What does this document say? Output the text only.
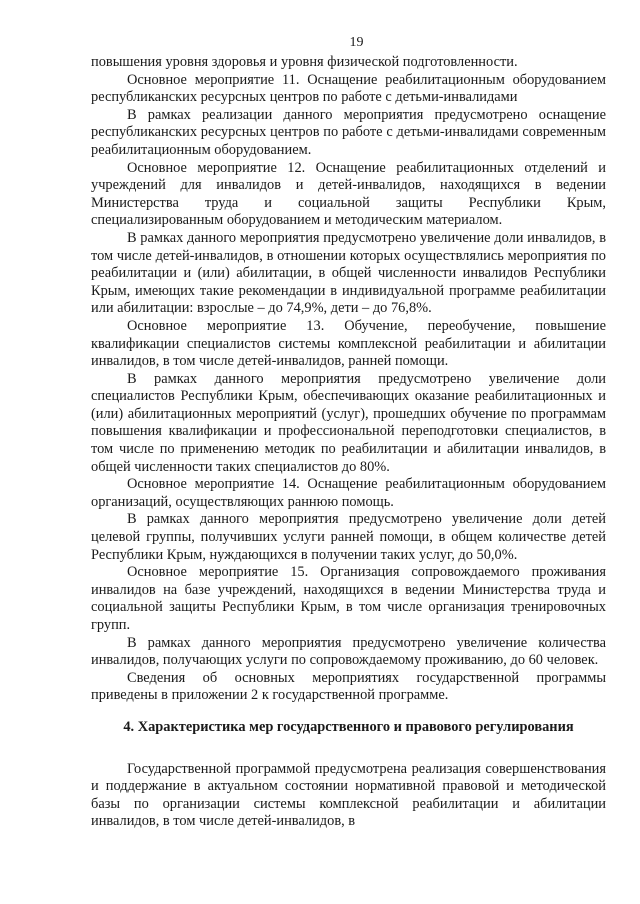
19

повышения уровня здоровья и уровня физической подготовленности.

Основное мероприятие 11. Оснащение реабилитационным оборудованием республиканских ресурсных центров по работе с детьми-инвалидами

В рамках реализации данного мероприятия предусмотрено оснащение республиканских ресурсных центров по работе с детьми-инвалидами современным реабилитационным оборудованием.

Основное мероприятие 12. Оснащение реабилитационных отделений и учреждений для инвалидов и детей-инвалидов, находящихся в ведении Министерства труда и социальной защиты Республики Крым, специализированным оборудованием и методическим материалом.

В рамках данного мероприятия предусмотрено увеличение доли инвалидов, в том числе детей-инвалидов, в отношении которых осуществлялись мероприятия по реабилитации и (или) абилитации, в общей численности инвалидов Республики Крым, имеющих такие рекомендации в индивидуальной программе реабилитации или абилитации: взрослые – до 74,9%, дети – до 76,8%.

Основное мероприятие 13. Обучение, переобучение, повышение квалификации специалистов системы комплексной реабилитации и абилитации инвалидов, в том числе детей-инвалидов, ранней помощи.

В рамках данного мероприятия предусмотрено увеличение доли специалистов Республики Крым, обеспечивающих оказание реабилитационных и (или) абилитационных мероприятий (услуг), прошедших обучение по программам повышения квалификации и профессиональной переподготовки специалистов, в том числе по применению методик по реабилитации и абилитации инвалидов, в общей численности таких специалистов до 80%.

Основное мероприятие 14. Оснащение реабилитационным оборудованием организаций, осуществляющих раннюю помощь.

В рамках данного мероприятия предусмотрено увеличение доли детей целевой группы, получивших услуги ранней помощи, в общем количестве детей Республики Крым, нуждающихся в получении таких услуг, до 50,0%.

Основное мероприятие 15. Организация сопровождаемого проживания инвалидов на базе учреждений, находящихся в ведении Министерства труда и социальной защиты Республики Крым, в том числе организация тренировочных групп.

В рамках данного мероприятия предусмотрено увеличение количества инвалидов, получающих услуги по сопровождаемому проживанию, до 60 человек.

Сведения об основных мероприятиях государственной программы приведены в приложении 2 к государственной программе.

4. Характеристика мер государственного и правового регулирования

Государственной программой предусмотрена реализация совершенствования и поддержание в актуальном состоянии нормативной правовой и методической базы по организации системы комплексной реабилитации и абилитации инвалидов, в том числе детей-инвалидов, в
